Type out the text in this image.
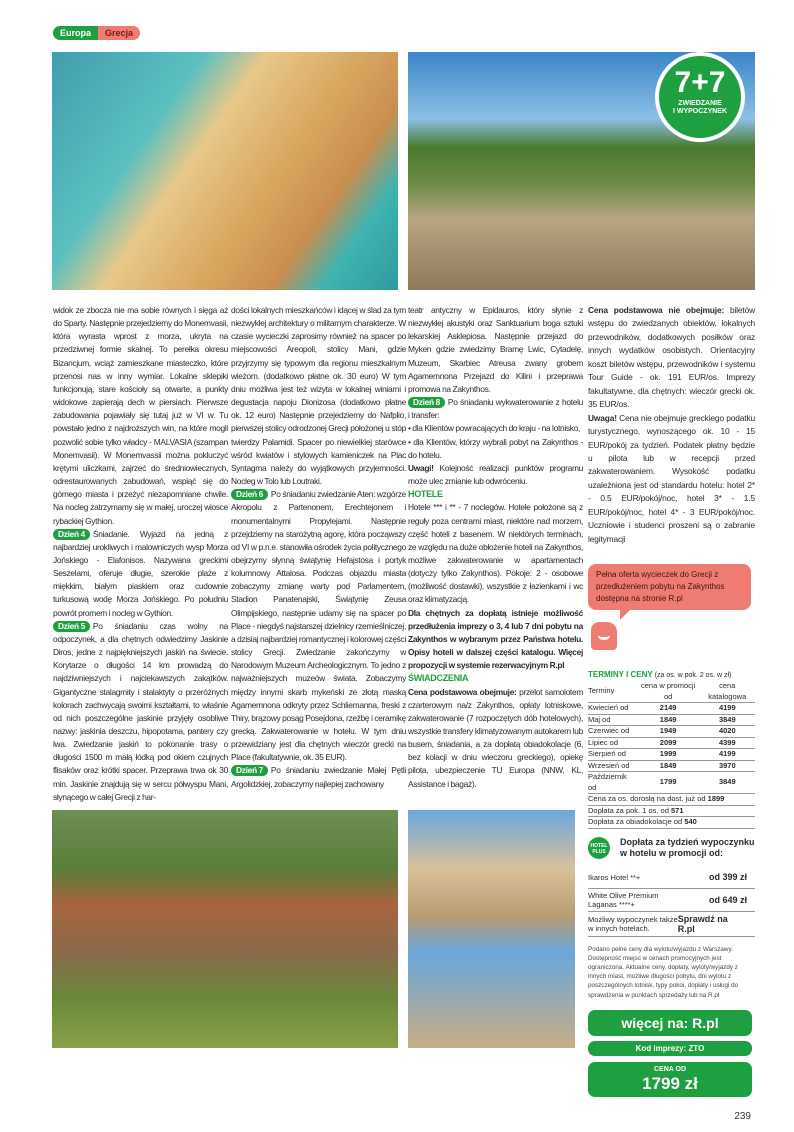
Europa	Grecja
7+7
ZWIEDZANIE
I WYPOCZYNEK

widok ze zbocza nie ma sobie równych i sięga aż do Sparty. Następnie przejedziemy do Monemvasii, która wyrasta wprost z morza, ukryta na przedziwnej formie skalnej. To perełka okresu Bizancjum, wciąż zamieszkane miasteczko, które przenosi nas w inny wymiar. Lokalne sklepiki funkcjonują, stare kościoły są otwarte, a punkty widokowe zapierają dech w piersiach. Pierwsze zabudowania pojawiały się tutaj już w VI w. Tu powstało jedno z najdroższych win, na które mogli pozwolić sobie tylko władcy - MALVASIA (szampan Monemvasii). W Monemvassii można pokluczyć krętymi uliczkami, zajrzeć do średniowiecznych, odrestaurowanych zabudowań, wspiąć się do górnego miasta i przeżyć niezapomniane chwile. Na nocleg zatrzymamy się w małej, uroczej wiosce rybackiej Gythion.

Dzień 4 Śniadanie. Wyjazd na jedną z najbardziej urokliwych i malowniczych wysp Morza Jońskiego - Elafonisos. Nazywana greckimi Seszelami, oferuje długie, szerokie plaże z miękkim, białym piaskiem oraz cudownie turkusową wodę Morza Jońskiego. Po południu powrót promem i nocleg w Gythion.

Dzień 5 Po śniadaniu czas wolny na odpoczynek, a dla chętnych odwiedzimy Jaskinie Diros, jedne z najpiękniejszych jaskiń na świecie. Korytarze o długości 14 km prowadzą do najdziwniejszych i najciekawszych zakątków. Gigantyczne stalagmity i stalaktyty o przeróżnych kolorach zachwycają swoimi kształtami, to właśnie od nich poszczególne jaskinie przyjęły osobliwe nazwy: jaskinia deszczu, hipopotama, pantery czy lwa. Zwiedzanie jaskiń to pokonanie trasy o długości 1500 m małą łódką pod okiem czujnych flisaków oraz krótki spacer. Przeprawa trwa ok 30 min. Jaskinie znajdują się w sercu półwyspu Mani, słynącego w całej Grecji z har-

dości lokalnych mieszkańców i idącej w ślad za tym niezwykłej architektury o militarnym charakterze. W czasie wycieczki zaprosimy również na spacer po miejscowości Areopoli, stolicy Mani, gdzie przyjrzymy się typowym dla regionu mieszkalnym wieżom. (dodatkowo płatne ok. 30 euro) W tym dniu możliwa jest też wizyta w lokalnej winiarni i degustacja napoju Dionizosa (dodatkowo płatne ok. 12 euro) Następnie przejedziemy do Nafplio, pierwszej stolicy odrodzonej Grecji położonej u stóp twierdzy Palamidi. Spacer po niewielkiej starówce wśród kwiatów i stylowych kamieniczek na Plac Syntagma należy do wyjątkowych przyjemności. Nocleg w Tolo lub Loutraki.

Dzień 6 Po śniadaniu zwiedzanie Aten: wzgórze Akropolu z Partenonem, Erechtejonem i monumentalnymi Propylejami. Następnie przejdziemy na starożytną agorę, która począwszy od VI w p.n.e. stanowiła ośrodek życia politycznego obejrzymy słynną świątynię Hefajstosa i portyk kolumnowy Attalosa. Podczas objazdu miasta zobaczymy zmianę warty pod Parlamentem, Stadion Panatenajski, Świątynię Zeusa Olimpijskiego, następnie udamy się na spacer po Place - niegdyś najstarszej dzielnicy rzemieślniczej, a dzisiaj najbardziej romantycznej i kolorowej części stolicy Grecji. Zwiedzanie zakończymy w Narodowym Muzeum Archeologicznym. To jedno z najważniejszych muzeów świata. Zobaczymy między innymi skarb mykeński ze złotą maską Agamemnona odkryty przez Schliemanna, freski z Thiry, brązowy posąg Posejdona, rzeźbę i ceramikę grecką. Zakwaterowanie w hotelu. W tym dniu przewidziany jest dla chętnych wieczór grecki na Place (fakultatywnie, ok. 35 EUR).

Dzień 7 Po śniadaniu zwiedzanie Małej Pętli Argolidzkiej, zobaczymy najlepiej zachowany

teatr antyczny w Epidauros, który słynie z niezwykłej akustyki oraz Sanktuarium boga sztuki lekarskiej Asklepiosa. Następnie przejazd do Myken gdzie zwiedzimy Bramę Lwic, Cytadelę, Muzeum, Skarbiec Atreusa zwany grobem Agamemnona Przejazd do Kilini i przeprawa promowa na Zakynthos.

Dzień 8 Po śniadaniu wykwaterowanie z hotelu i transfer:

• dla Klientów powracających do kraju - na lotnisko,

• dla Klientów, którzy wybrali pobyt na Zakynthos - do hotelu.

Uwagi! Kolejność realizacji punktów programu może ulec zmianie lub odwróceniu.

HOTELE

Hotele *** i ** - 7 noclegów. Hotele położone są z reguły poza centrami miast, niektóre nad morzem, część hoteli z basenem. W niektórych terminach, ze względu na duże obłożenie hoteli na Zakynthos, możliwe zakwaterowanie w apartamentach (dotyczy tylko Zakynthos). Pokoje: 2 - osobowe (możliwość dostawki), wszystkie z łazienkami i wc oraz klimatyzacją.

Dla chętnych za dopłatą istnieje możliwość przedłużenia imprezy o 3, 4 lub 7 dni pobytu na Zakynthos w wybranym przez Państwa hotelu. Opisy hoteli w dalszej części katalogu. Więcej propozycji w systemie rezerwacyjnym R.pl

ŚWIADCZENIA

Cena podstawowa obejmuje: przelot samolotem czarterowym na/z Zakynthos, opłaty lotniskowe, zakwaterowanie (7 rozpoczętych dób hotelowych), wszystkie transfery klimatyzowanym autokarem lub busem, śniadania, a za dopłatą obiadokolacje (6, bez kolacji w dniu wieczoru greckiego), opiekę pilota, ubezpieczenie TU Europa (NNW, KL, Assistance i bagaż).

Cena podstawowa nie obejmuje: biletów wstępu do zwiedzanych obiektów, lokalnych przewodników, dodatkowych posiłków oraz innych wydatków osobistych. Orientacyjny koszt biletów wstępu, przewodników i systemu Tour Guide - ok. 191 EUR/os. Imprezy fakultatywne, dla chętnych: wieczór grecki ok. 35 EUR/os.

Uwaga! Cena nie obejmuje greckiego podatku turystycznego, wynoszącego ok. 10 - 15 EUR/pokój za tydzień. Podatek płatny będzie u pilota lub w recepcji przed zakwaterowaniem. Wysokość podatku uzależniona jest od standardu hotelu: hotel 2* - 0.5 EUR/pokój/noc, hotel 3* - 1.5 EUR/pokój/noc, hotel 4* - 3 EUR/pokój/noc. Uczniowie i studenci proszeni są o zabranie legitymacji

Pełna oferta wycieczek do Grecji z przedłużeniem pobytu na Zakynthos dostępna na stronie R.pl
TERMINY I CENY (za os. w pok. 2 os. w zł)
Terminy	cena w promocji od	cena katalogowa
Kwiecień od	2149	4199
Maj od	1849	3849
Czerwiec od	1949	4020
Lipiec od	2099	4399
Sierpień od	1999	4199
Wrzesień od	1849	3970
Październik od	1799	3849
Cena za os. dorosłą na dost. już od 1899		
Dopłata za pok. 1 os. od 571		
Dopłata za obiadokolacje od 540		
HOTEL
PLUS
Dopłata za tydzień wypoczynku w hotelu w promocji od:
Ikaros Hotel **+	od 399 zł
White Olive Premium Laganas ****+	od 649 zł
Możliwy wypoczynek także w innych hotelach.
Sprawdź na R.pl
Podano pełne ceny dla wylotu/wyjazdu z Warszawy. Dostępność miejsc w cenach promocyjnych jest ograniczona. Aktualne ceny, dopłaty, wyloty/wyjazdy z innych miast, możliwe długości pobytu, dni wylotu z poszczególnych lotnisk, typy pokoi, dopłaty i usługi do sprawdzenia w punktach sprzedaży lub na R.pl
więcej na: R.pl
Kod imprezy: ZTO
CENA OD
1799 zł
239
